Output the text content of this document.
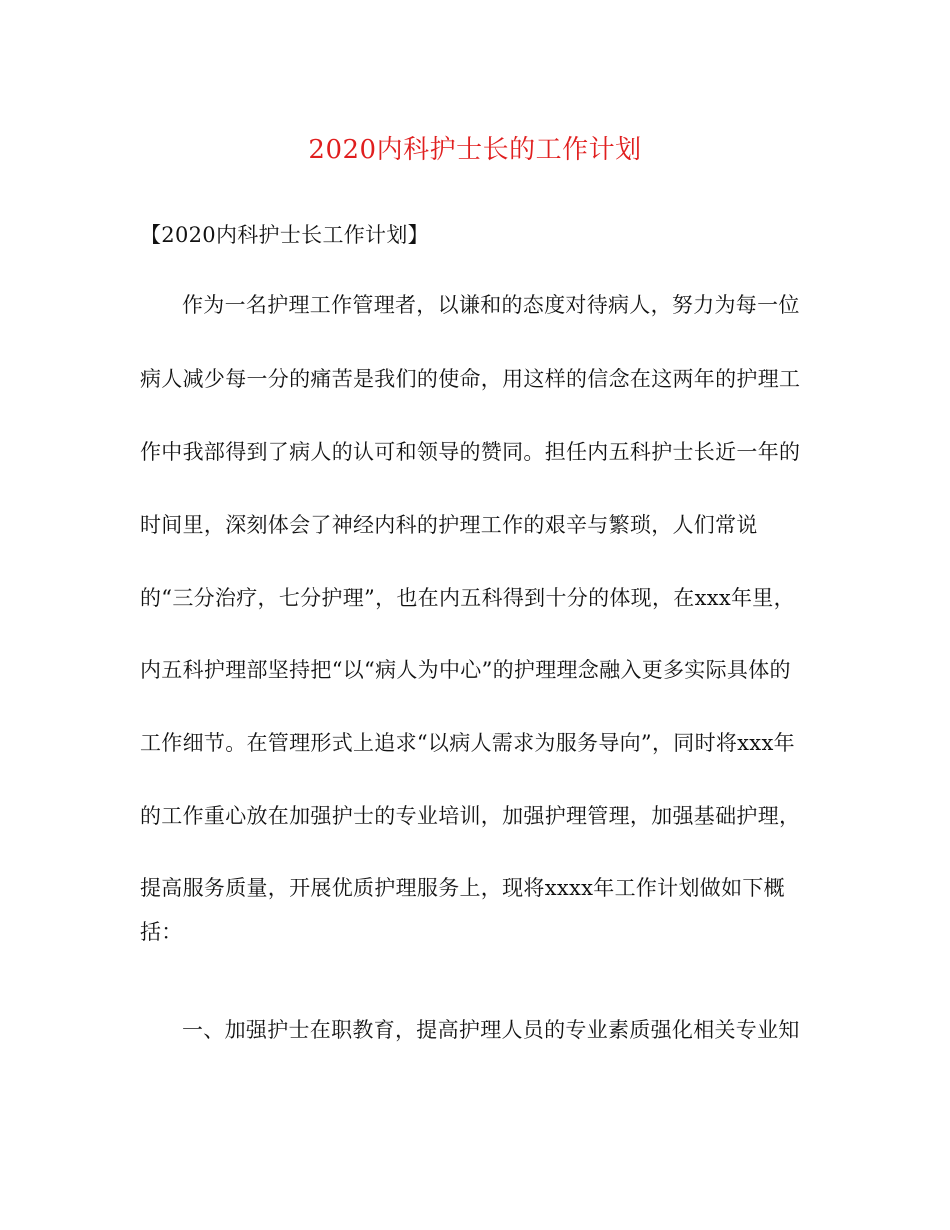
2020内科护士长的工作计划
【2020内科护士长工作计划】
作为一名护理工作管理者，以谦和的态度对待病人，努力为每一位
病人减少每一分的痛苦是我们的使命，用这样的信念在这两年的护理工
作中我部得到了病人的认可和领导的赞同。担任内五科护士长近一年的
时间里，深刻体会了神经内科的护理工作的艰辛与繁琐，人们常说
的“三分治疗，七分护理”，也在内五科得到十分的体现，在xxx年里，
内五科护理部坚持把“以“病人为中心”的护理理念融入更多实际具体的
工作细节。在管理形式上追求“以病人需求为服务导向”，同时将xxx年
的工作重心放在加强护士的专业培训，加强护理管理，加强基础护理，
提高服务质量，开展优质护理服务上，现将xxxx年工作计划做如下概
括：
一、加强护士在职教育，提高护理人员的专业素质强化相关专业知
